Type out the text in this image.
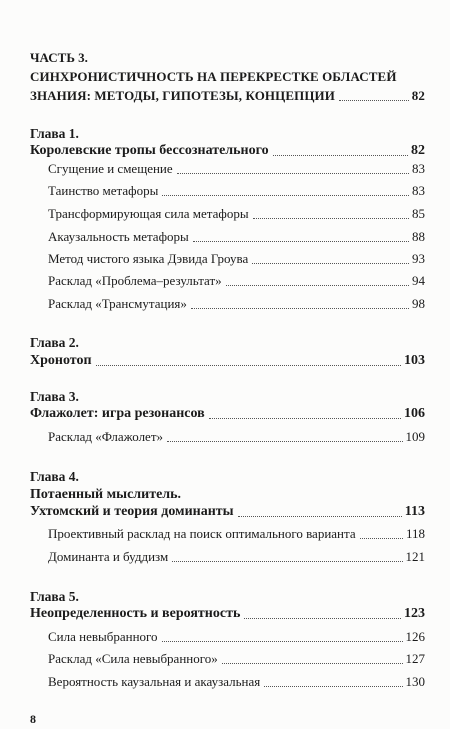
ЧАСТЬ 3.
СИНХРОНИСТИЧНОСТЬ НА ПЕРЕКРЕСТКЕ ОБЛАСТЕЙ
ЗНАНИЯ: МЕТОДЫ, ГИПОТЕЗЫ, КОНЦЕПЦИИ	82
Глава 1.
Королевские тропы бессознательного	82
Сгущение и смещение	83
Таинство метафоры	83
Трансформирующая сила метафоры	85
Акаузальность метафоры	88
Метод чистого языка Дэвида Гроува	93
Расклад «Проблема–результат»	94
Расклад «Трансмутация»	98
Глава 2.
Хронотоп	103
Глава 3.
Флажолет: игра резонансов	106
Расклад «Флажолет»	109
Глава 4.
Потаенный мыслитель.
Ухтомский и теория доминанты	113
Проективный расклад на поиск оптимального варианта	118
Доминанта и буддизм	121
Глава 5.
Неопределенность и вероятность	123
Сила невыбранного	126
Расклад «Сила невыбранного»	127
Вероятность каузальная и акаузальная	130
8
